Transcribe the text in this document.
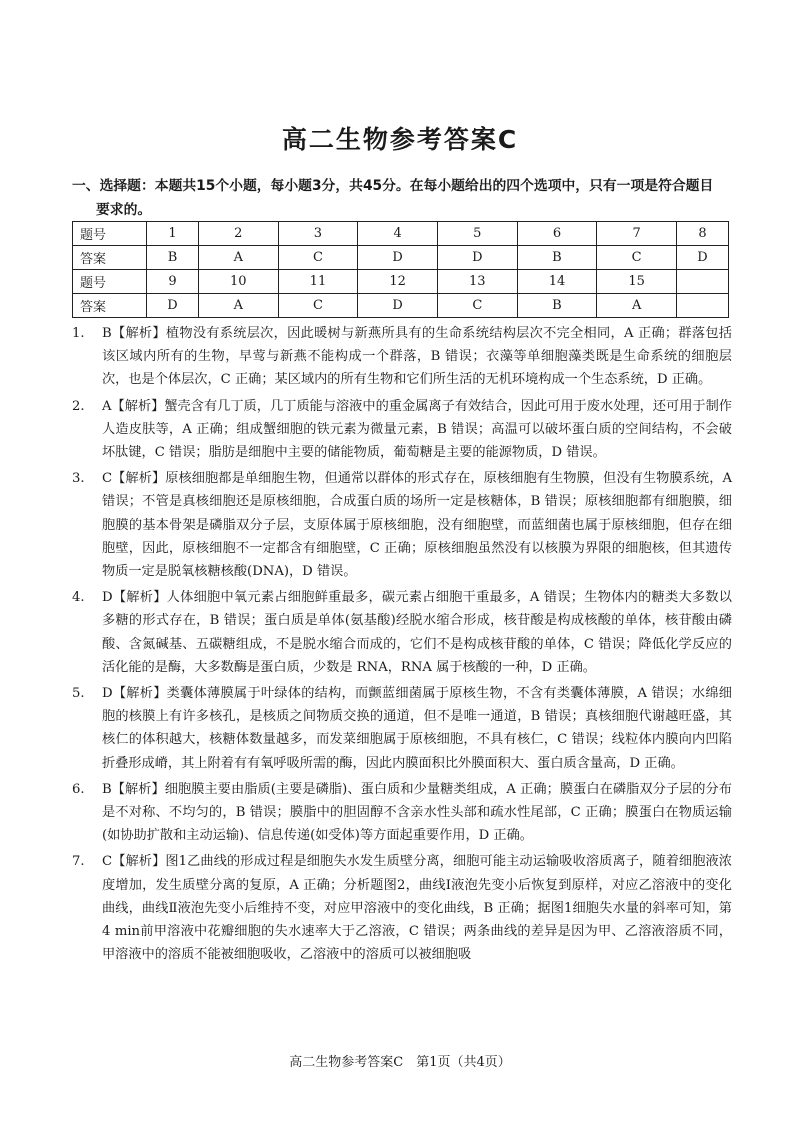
高二生物参考答案C
一、选择题：本题共15个小题，每小题3分，共45分。在每小题给出的四个选项中，只有一项是符合题目要求的。
题号	1	2	3	4	5	6	7	8
答案	B	A	C	D	D	B	C	D
题号	9	10	11	12	13	14	15	
答案	D	A	C	D	C	B	A	
1. B【解析】植物没有系统层次，因此暖树与新燕所具有的生命系统结构层次不完全相同，A 正确；群落包括该区域内所有的生物，早莺与新燕不能构成一个群落，B 错误；衣藻等单细胞藻类既是生命系统的细胞层次，也是个体层次，C 正确；某区域内的所有生物和它们所生活的无机环境构成一个生态系统，D 正确。
2. A【解析】蟹壳含有几丁质，几丁质能与溶液中的重金属离子有效结合，因此可用于废水处理，还可用于制作人造皮肤等，A 正确；组成蟹细胞的铁元素为微量元素，B 错误；高温可以破坏蛋白质的空间结构，不会破坏肽键，C 错误；脂肪是细胞中主要的储能物质，葡萄糖是主要的能源物质，D 错误。
3. C【解析】原核细胞都是单细胞生物，但通常以群体的形式存在，原核细胞有生物膜，但没有生物膜系统，A 错误；不管是真核细胞还是原核细胞，合成蛋白质的场所一定是核糖体，B 错误；原核细胞都有细胞膜，细胞膜的基本骨架是磷脂双分子层，支原体属于原核细胞，没有细胞壁，而蓝细菌也属于原核细胞，但存在细胞壁，因此，原核细胞不一定都含有细胞壁，C 正确；原核细胞虽然没有以核膜为界限的细胞核，但其遗传物质一定是脱氧核糖核酸(DNA)，D 错误。
4. D【解析】人体细胞中氧元素占细胞鲜重最多，碳元素占细胞干重最多，A 错误；生物体内的糖类大多数以多糖的形式存在，B 错误；蛋白质是单体(氨基酸)经脱水缩合形成，核苷酸是构成核酸的单体，核苷酸由磷酸、含氮碱基、五碳糖组成，不是脱水缩合而成的，它们不是构成核苷酸的单体，C 错误；降低化学反应的活化能的是酶，大多数酶是蛋白质，少数是 RNA，RNA 属于核酸的一种，D 正确。
5. D【解析】类囊体薄膜属于叶绿体的结构，而颤蓝细菌属于原核生物，不含有类囊体薄膜，A 错误；水绵细胞的核膜上有许多核孔，是核质之间物质交换的通道，但不是唯一通道，B 错误；真核细胞代谢越旺盛，其核仁的体积越大，核糖体数量越多，而发菜细胞属于原核细胞，不具有核仁，C 错误；线粒体内膜向内凹陷折叠形成嵴，其上附着有有氧呼吸所需的酶，因此内膜面积比外膜面积大、蛋白质含量高，D 正确。
6. B【解析】细胞膜主要由脂质(主要是磷脂)、蛋白质和少量糖类组成，A 正确；膜蛋白在磷脂双分子层的分布是不对称、不均匀的，B 错误；膜脂中的胆固醇不含亲水性头部和疏水性尾部，C 正确；膜蛋白在物质运输(如协助扩散和主动运输)、信息传递(如受体)等方面起重要作用，D 正确。
7. C【解析】图1乙曲线的形成过程是细胞失水发生质壁分离，细胞可能主动运输吸收溶质离子，随着细胞液浓度增加，发生质壁分离的复原，A 正确；分析题图2，曲线Ⅰ液泡先变小后恢复到原样，对应乙溶液中的变化曲线，曲线Ⅱ液泡先变小后维持不变，对应甲溶液中的变化曲线，B 正确；据图1细胞失水量的斜率可知，第4 min前甲溶液中花瓣细胞的失水速率大于乙溶液，C 错误；两条曲线的差异是因为甲、乙溶液溶质不同，甲溶液中的溶质不能被细胞吸收，乙溶液中的溶质可以被细胞吸
高二生物参考答案C　第1页（共4页）
